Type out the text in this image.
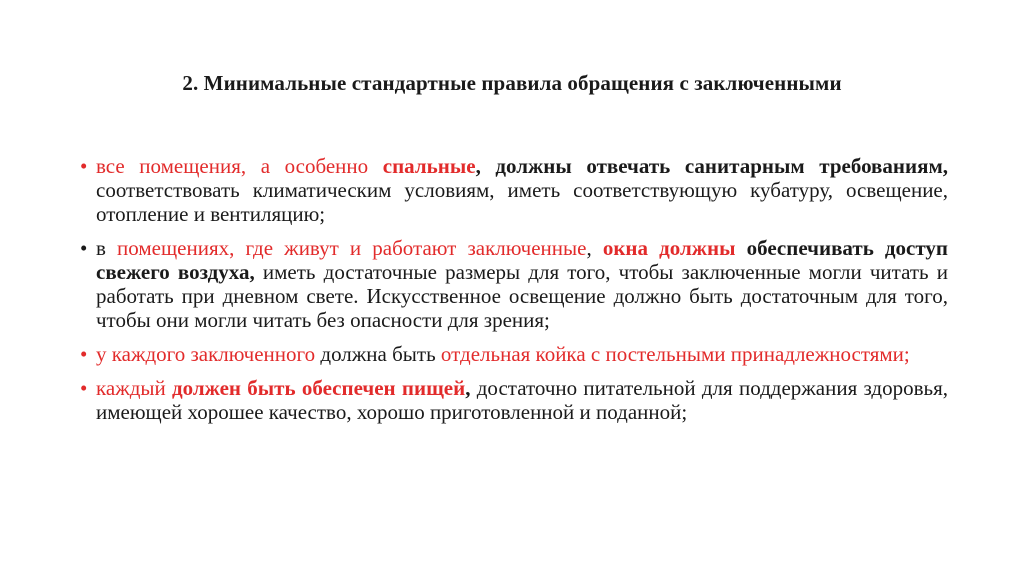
2. Минимальные стандартные правила обращения с заключенными
• все помещения, а особенно спальные, должны отвечать санитарным требованиям, соответствовать климатическим условиям, иметь соответствующую кубатуру, освещение, отопление и вентиляцию;
• в помещениях, где живут и работают заключенные, окна должны обеспечивать доступ свежего воздуха, иметь достаточные размеры для того, чтобы заключенные могли читать и работать при дневном свете. Искусственное освещение должно быть достаточным для того, чтобы они могли читать без опасности для зрения;
• у каждого заключенного должна быть отдельная койка с постельными принадлежностями;
• каждый должен быть обеспечен пищей, достаточно питательной для поддержания здоровья, имеющей хорошее качество, хорошо приготовленной и поданной;
